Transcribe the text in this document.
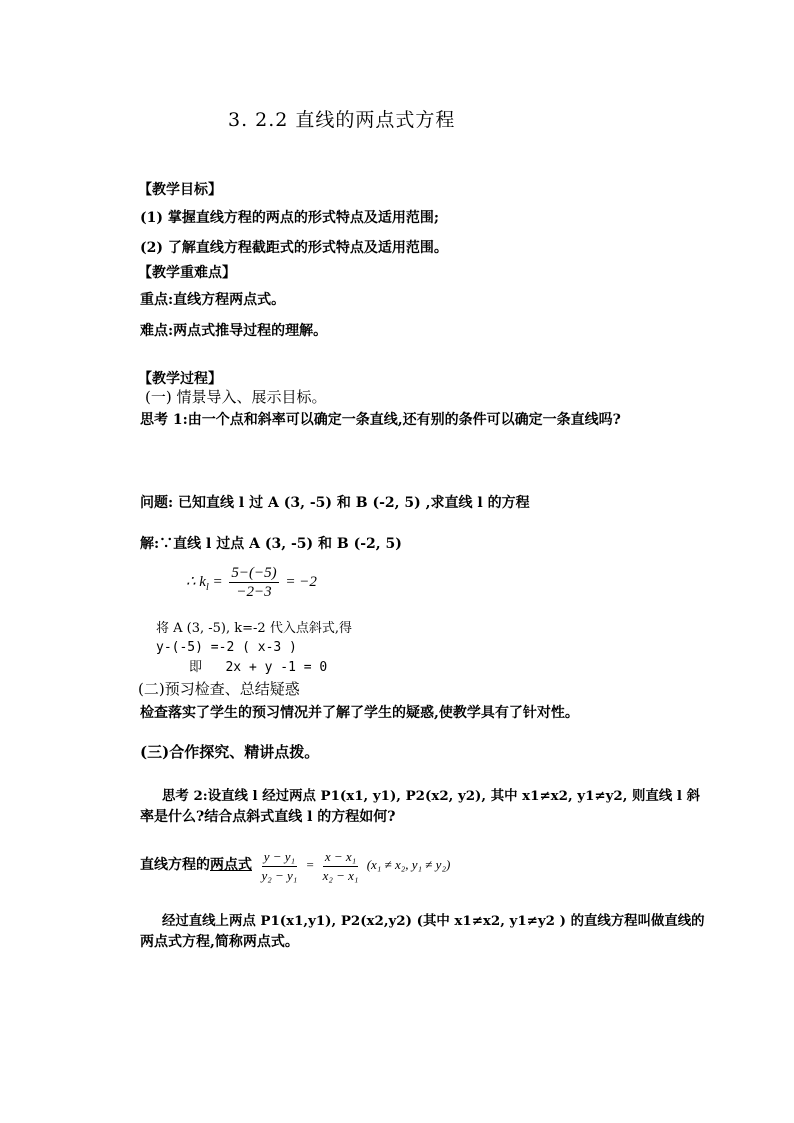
3. 2.2 直线的两点式方程
【教学目标】
(1) 掌握直线方程的两点的形式特点及适用范围;
(2) 了解直线方程截距式的形式特点及适用范围。
【教学重难点】
重点:直线方程两点式。
难点:两点式推导过程的理解。
【教学过程】
(一) 情景导入、展示目标。
思考 1:由一个点和斜率可以确定一条直线,还有别的条件可以确定一条直线吗?
问题: 已知直线 l 过 A (3, -5) 和 B (-2, 5) ,求直线 l 的方程
解:∵直线 l 过点 A (3, -5) 和 B (-2, 5)
∴ $k_l = \frac{5-(-5)}{-2-3} = -2$
将 A (3, -5), k=-2 代入点斜式,得
y-(-5) =-2 ( x-3 )
即   2x + y -1 = 0
(二)预习检查、总结疑惑
检查落实了学生的预习情况并了解了学生的疑惑,使教学具有了针对性。
(三)合作探究、精讲点拨。
思考 2:设直线 l 经过两点 P1(x1, y1), P2(x2, y2), 其中 x1≠x2, y1≠y2, 则直线 l 斜
率是什么?结合点斜式直线 l 的方程如何?
直线方程的两点式 $\frac{\text{y − y₁}}{\text{y₂ − y₁}} = \frac{\text{x − x₁}}{\text{x₂ − x₁}} (x_1 \ne x_2$, y₁ ≠ y₂)
经过直线上两点 P1(x1,y1), P2(x2,y2) (其中 x1≠x2, y1≠y2 ) 的直线方程叫做直线的
两点式方程,简称两点式。
